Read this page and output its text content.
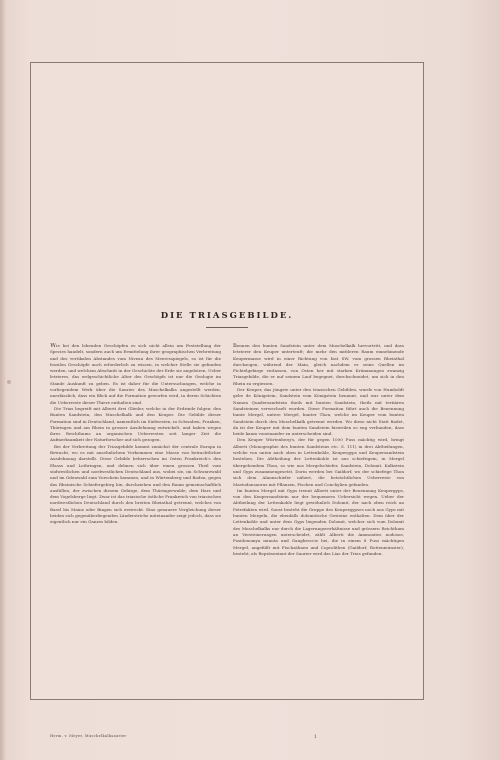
DIE TRIASGEBILDE.

Wie bei den lebenden Geschöpfen es sich nicht allein um Feststellung der Species handelt, sondern auch um Ermittelung ihrer geographischen Verbreitung und des vertikalen Abstandes vom Niveau des Meeresspiegels, so ist für die fossilen Geschöpfe auch erforderlich zu wissen, in welcher Stelle sie gefunden werden, und welchem Abschnitt in der Geschichte der Erde sie angehören. Ueber letzteres, das erdgeschichtliche Alter des Geschöpfs ist nur die Geologie im Stande Auskunft zu geben. Es ist daher für die Untersuchungen, welche in vorliegendem Werk über die Saurier des Muschelkalks angestellt werden, unerlässlich, dass ein Blick auf die Formation geworfen wird, in deren Schichten die Ueberreste dieser Thiere enthalten sind.

Die Trias begreift mit Alberti drei Glieder, welche in der Erdrinde folgen: den Bunten Sandstein, den Muschelkalk und den Keuper. Die Gebilde dieser Formation sind in Deutschland, namentlich im Südwesten, in Schwaben, Franken, Thüringen und am Rhein in grosser Ausdehnung entwickelt, und haben wegen ihres Reichthums an organischen Ueberresten seit langer Zeit die Aufmerksamkeit der Naturforscher auf sich gezogen.

Bei der Verbreitung der Triasgebilde kommt zunächst der centrale Europa in Betracht, wo es mit ansehnlichem Vorkommen eine Masse von betrachtlicher Ausdehnung darstellt. Diese Gebilde beherrschen im Osten Frankreich's den Elsass und Lothringen, und dehnen sich über einen grossen Theil vom südwestlichen und nordwestlichen Deutschland aus, wobei sie, im Schwarzwald und im Odenwald zum Vorschein kommen, und in Würtemberg und Baden, gegen das Rheinische Schiefergebirg hin, durchziehen und den Raum gemeinschaftlich ausfüllen, der zwischen diesem Gebirge, dem Thüringerwalde, dem Harz und dem Vogelsberge liegt. Zwar ist das triasische östliche Frankreich von triasischen nordwestlichen Deutschland durch den breiten Rheinthal getrennt, welches von Basel bis Mainz oder Bingen sich erstreckt. Eine genauere Vergleichung dieser beiden sich gegenüberliegenden Länderstriche miteinander zeigt jedoch, dass sie eigentlich nur ein Ganzes bilden.

nennen den bunten Sandstein unter dem Muschelkalk hervortritt, und dass letzterer den Keuper unterteuft; die mehr den mittleren Raum einnehmende Keupermasse wird in einer Richtung von fast SW. vom grossen Rheinthal durchzogen, während der Main, gleich nachdem er seine Quellen im Fichtelgebirge verlassen, von Osten her mit starken Krümmungen zwanzig Triasgebilde, die er auf seinem Lauf begegnet, durchschneidet, um sich in den Rhein zu ergiessen.

Der Keuper, das jüngste unter den triasischen Gebilden, wurde von Humboldt gebe de Königstein, Sandstein vom Königstein benannt, und war unter dem Namen Quadersandstein theils mit bunten Sandstein, theils mit tertiären Sandsteinen verwechselt worden. Diese Formation führt auch die Benennung bunte Mergel, untere Mergel, bunter Thon, welche im Keuper vom bunten Sandstein durch den Muschelkalk getrennt werden. Wo diese nicht Statt findet, da ist der Keuper mit dem bunten Sandstein bisweilen so eng verbunden, dass beide kaum voneinander zu unterscheiden sind.

Den Keuper Würtenberg's, der für gegen 1000 Fuss mächtig wird, bringt Alberti (Monographie des bunten Sandsteins etc. S. 111) in drei Abtheilungen, welche von unten nach oben in Lettenkohle, Keupergyps und Keupersandstein bestehen. Die Abtheilung der Lettenkohle ist aus schiefrigem, in Mergel übergehendem Thon, so wie aus Mergelschiefer, Sandstein, Dolomit, Kalkstein und Gyps zusammengesetzt. Dorin werden bei Gaildorf, wo der schiefrige Thon sich dem Alaunschiefer nähert, die beträchtlichen Ueberreste von Mastodonsaurus mit Pflanzen, Fischen und Conchylien gefunden.

Im bunten Mergel mit Gyps trennt Alberti unter der Benennung Keupergyps, von den Keupersandstein nur der bequemern Uebersicht wegen. Ueber der Abtheilung der Lettenkohle liegt gewöhnlich Dolomit, der nach oben reich an Petrefakten wird. Sonst besteht die Gruppe des Keupergypses noch aus Gyps mit bunten Mergeln, die ebenfalls dolomitische Gesteine enthalten. Dem über der Lettenkohle und unter dem Gyps liegenden Dolomit, welcher sich vom Dolomit des Muschelkalks nur durch die Lagerungsverhältnisse und grössern Reichthum an Versteinerungen unterscheidet, zählt Alberti die Ammonites nodosus, Posidonomya minuta und Gangbreccie bei, die in einem 8 Fuss mächtigen Mergel, angefüllt mit Fischzähnen und Coprolithen (Gaildorf, Rottenmünster), besteht; als Repräsentant der Saurier wird das Lias der Trias gefunden.

Herm. v. Meyer, Muschelkalksaurier	1
